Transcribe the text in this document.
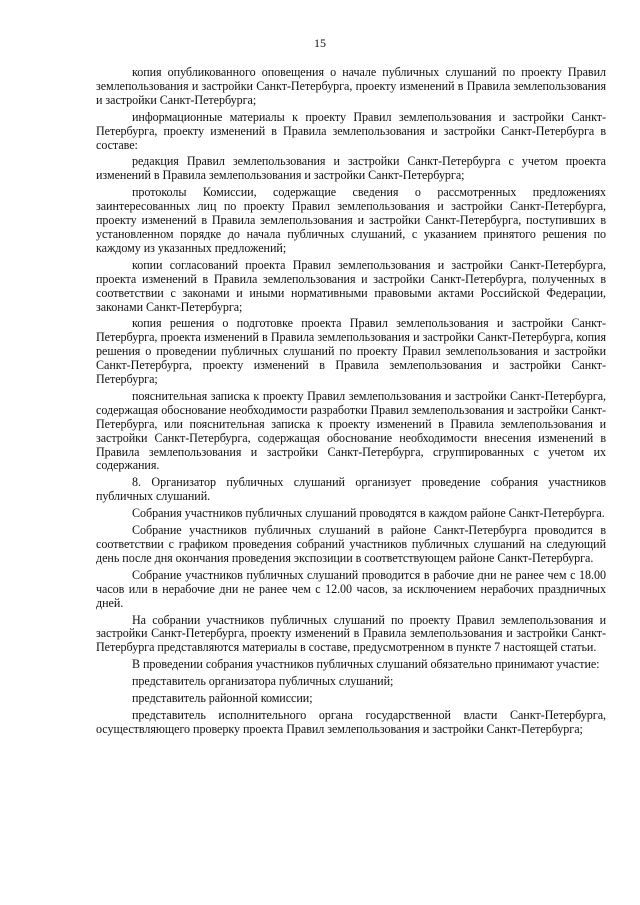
15

копия опубликованного оповещения о начале публичных слушаний по проекту Правил землепользования и застройки Санкт-Петербурга, проекту изменений в Правила землепользования и застройки Санкт-Петербурга;

информационные материалы к проекту Правил землепользования и застройки Санкт-Петербурга, проекту изменений в Правила землепользования и застройки Санкт-Петербурга в составе:

редакция Правил землепользования и застройки Санкт-Петербурга с учетом проекта изменений в Правила землепользования и застройки Санкт-Петербурга;

протоколы Комиссии, содержащие сведения о рассмотренных предложениях заинтересованных лиц по проекту Правил землепользования и застройки Санкт-Петербурга, проекту изменений в Правила землепользования и застройки Санкт-Петербурга, поступивших в установленном порядке до начала публичных слушаний, с указанием принятого решения по каждому из указанных предложений;

копии согласований проекта Правил землепользования и застройки Санкт-Петербурга, проекта изменений в Правила землепользования и застройки Санкт-Петербурга, полученных в соответствии с законами и иными нормативными правовыми актами Российской Федерации, законами Санкт-Петербурга;

копия решения о подготовке проекта Правил землепользования и застройки Санкт-Петербурга, проекта изменений в Правила землепользования и застройки Санкт-Петербурга, копия решения о проведении публичных слушаний по проекту Правил землепользования и застройки Санкт-Петербурга, проекту изменений в Правила землепользования и застройки Санкт-Петербурга;

пояснительная записка к проекту Правил землепользования и застройки Санкт-Петербурга, содержащая обоснование необходимости разработки Правил землепользования и застройки Санкт-Петербурга, или пояснительная записка к проекту изменений в Правила землепользования и застройки Санкт-Петербурга, содержащая обоснование необходимости внесения изменений в Правила землепользования и застройки Санкт-Петербурга, сгруппированных с учетом их содержания.

8. Организатор публичных слушаний организует проведение собрания участников публичных слушаний.

Собрания участников публичных слушаний проводятся в каждом районе Санкт-Петербурга.

Собрание участников публичных слушаний в районе Санкт-Петербурга проводится в соответствии с графиком проведения собраний участников публичных слушаний на следующий день после дня окончания проведения экспозиции в соответствующем районе Санкт-Петербурга.

Собрание участников публичных слушаний проводится в рабочие дни не ранее чем с 18.00 часов или в нерабочие дни не ранее чем с 12.00 часов, за исключением нерабочих праздничных дней.

На собрании участников публичных слушаний по проекту Правил землепользования и застройки Санкт-Петербурга, проекту изменений в Правила землепользования и застройки Санкт-Петербурга представляются материалы в составе, предусмотренном в пункте 7 настоящей статьи.

В проведении собрания участников публичных слушаний обязательно принимают участие:

представитель организатора публичных слушаний;

представитель районной комиссии;

представитель исполнительного органа государственной власти Санкт-Петербурга, осуществляющего проверку проекта Правил землепользования и застройки Санкт-Петербурга;
